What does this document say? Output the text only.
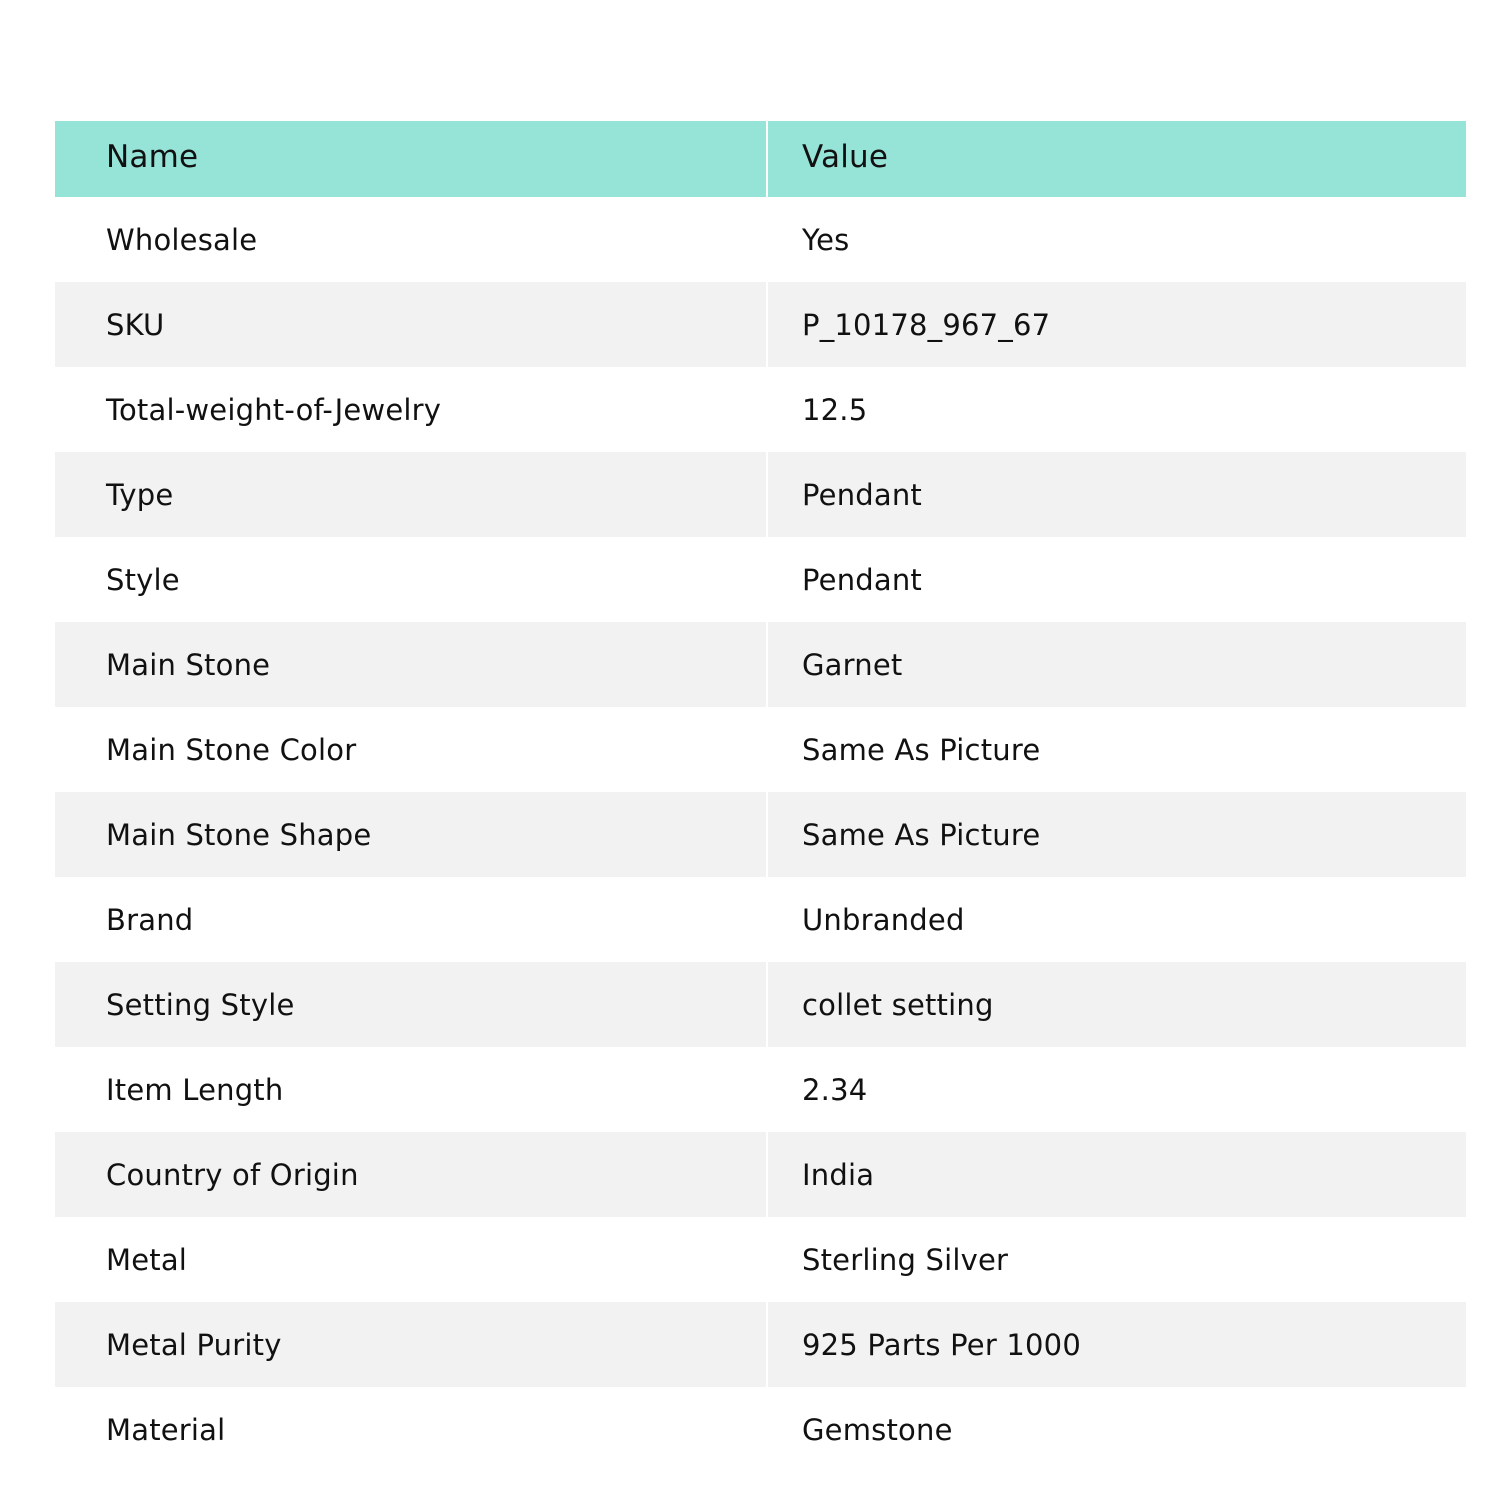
Name	Value
Wholesale	Yes
SKU	P_10178_967_67
Total-weight-of-Jewelry	12.5
Type	Pendant
Style	Pendant
Main Stone	Garnet
Main Stone Color	Same As Picture
Main Stone Shape	Same As Picture
Brand	Unbranded
Setting Style	collet setting
Item Length	2.34
Country of Origin	India
Metal	Sterling Silver
Metal Purity	925 Parts Per 1000
Material	Gemstone
